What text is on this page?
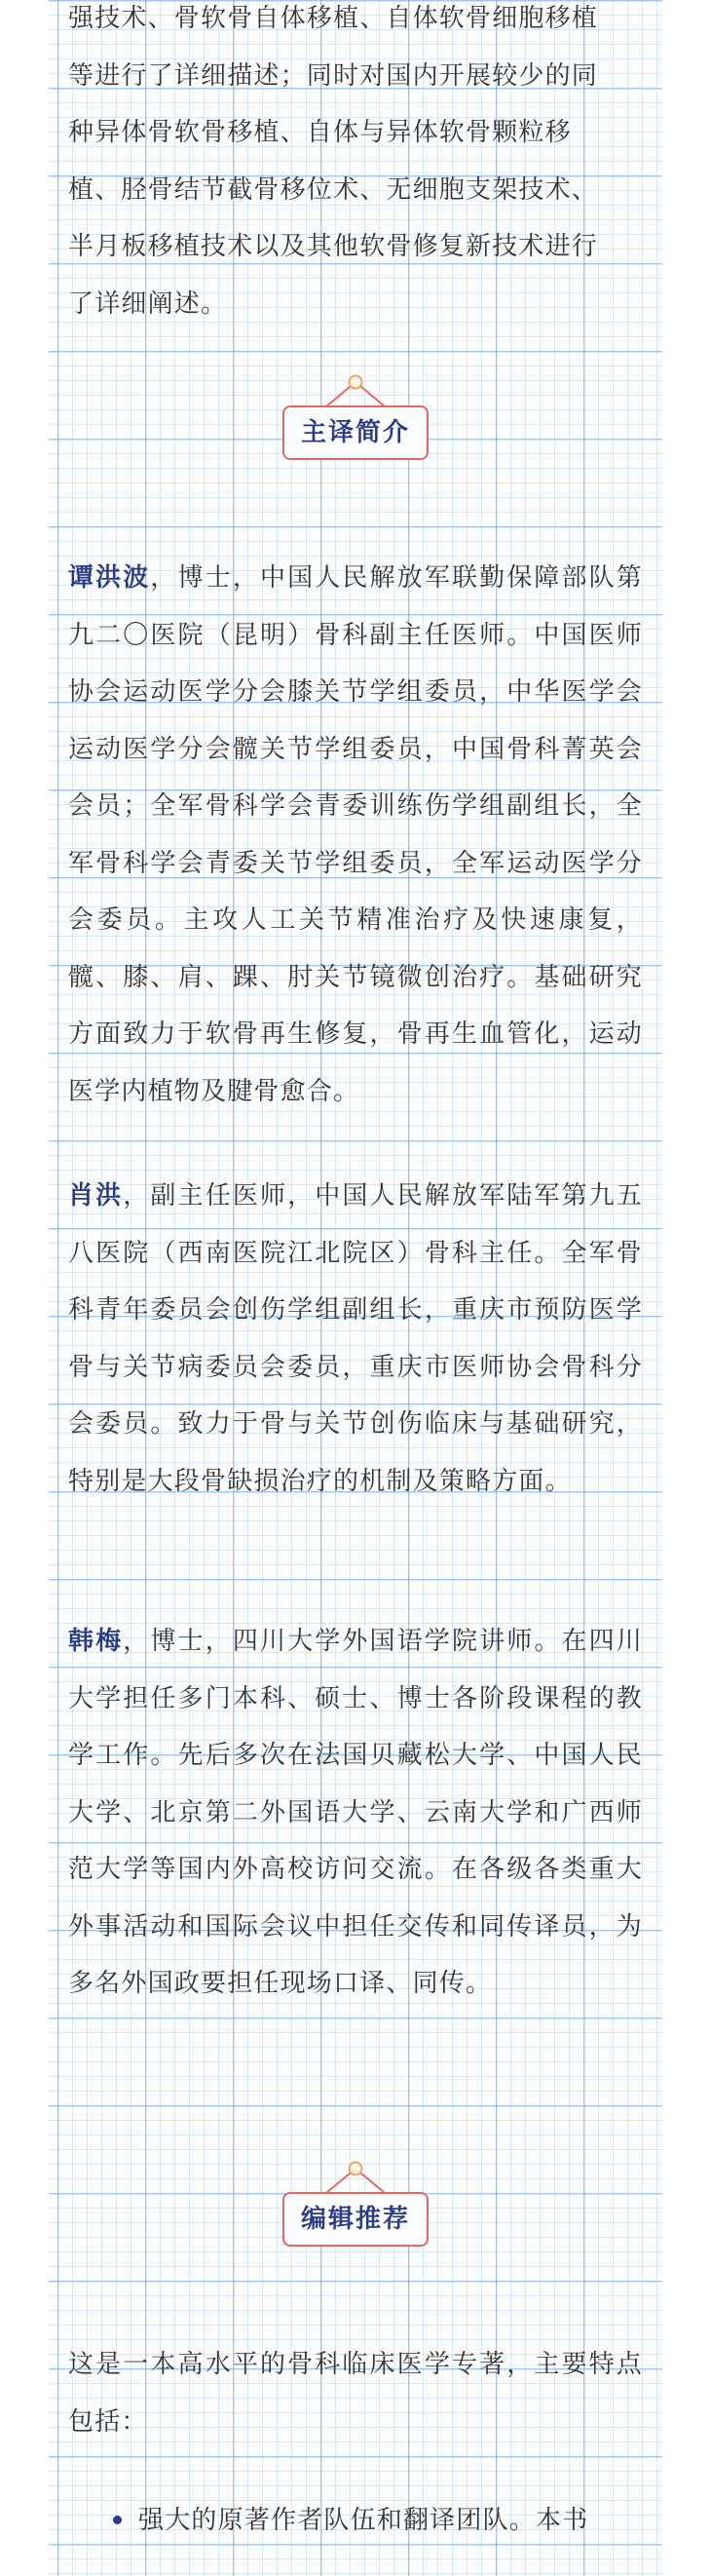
强技术、骨软骨自体移植、自体软骨细胞移植
等进行了详细描述；同时对国内开展较少的同
种异体骨软骨移植、自体与异体软骨颗粒移
植、胫骨结节截骨移位术、无细胞支架技术、
半月板移植技术以及其他软骨修复新技术进行
了详细阐述。
主译简介

谭洪波，博士，中国人民解放军联勤保障部队第九二〇医院（昆明）骨科副主任医师。中国医师协会运动医学分会膝关节学组委员，中华医学会运动医学分会髋关节学组委员，中国骨科菁英会会员；全军骨科学会青委训练伤学组副组长，全军骨科学会青委关节学组委员，全军运动医学分会委员。主攻人工关节精准治疗及快速康复，髋、膝、肩、踝、肘关节镜微创治疗。基础研究方面致力于软骨再生修复，骨再生血管化，运动医学内植物及腱骨愈合。

肖洪，副主任医师，中国人民解放军陆军第九五八医院（西南医院江北院区）骨科主任。全军骨科青年委员会创伤学组副组长，重庆市预防医学骨与关节病委员会委员，重庆市医师协会骨科分会委员。致力于骨与关节创伤临床与基础研究，特别是大段骨缺损治疗的机制及策略方面。

韩梅，博士，四川大学外国语学院讲师。在四川大学担任多门本科、硕士、博士各阶段课程的教学工作。先后多次在法国贝藏松大学、中国人民大学、北京第二外国语大学、云南大学和广西师范大学等国内外高校访问交流。在各级各类重大外事活动和国际会议中担任交传和同传译员，为多名外国政要担任现场口译、同传。

编辑推荐

这是一本高水平的骨科临床医学专著，主要特点包括：

强大的原著作者队伍和翻译团队。本书
